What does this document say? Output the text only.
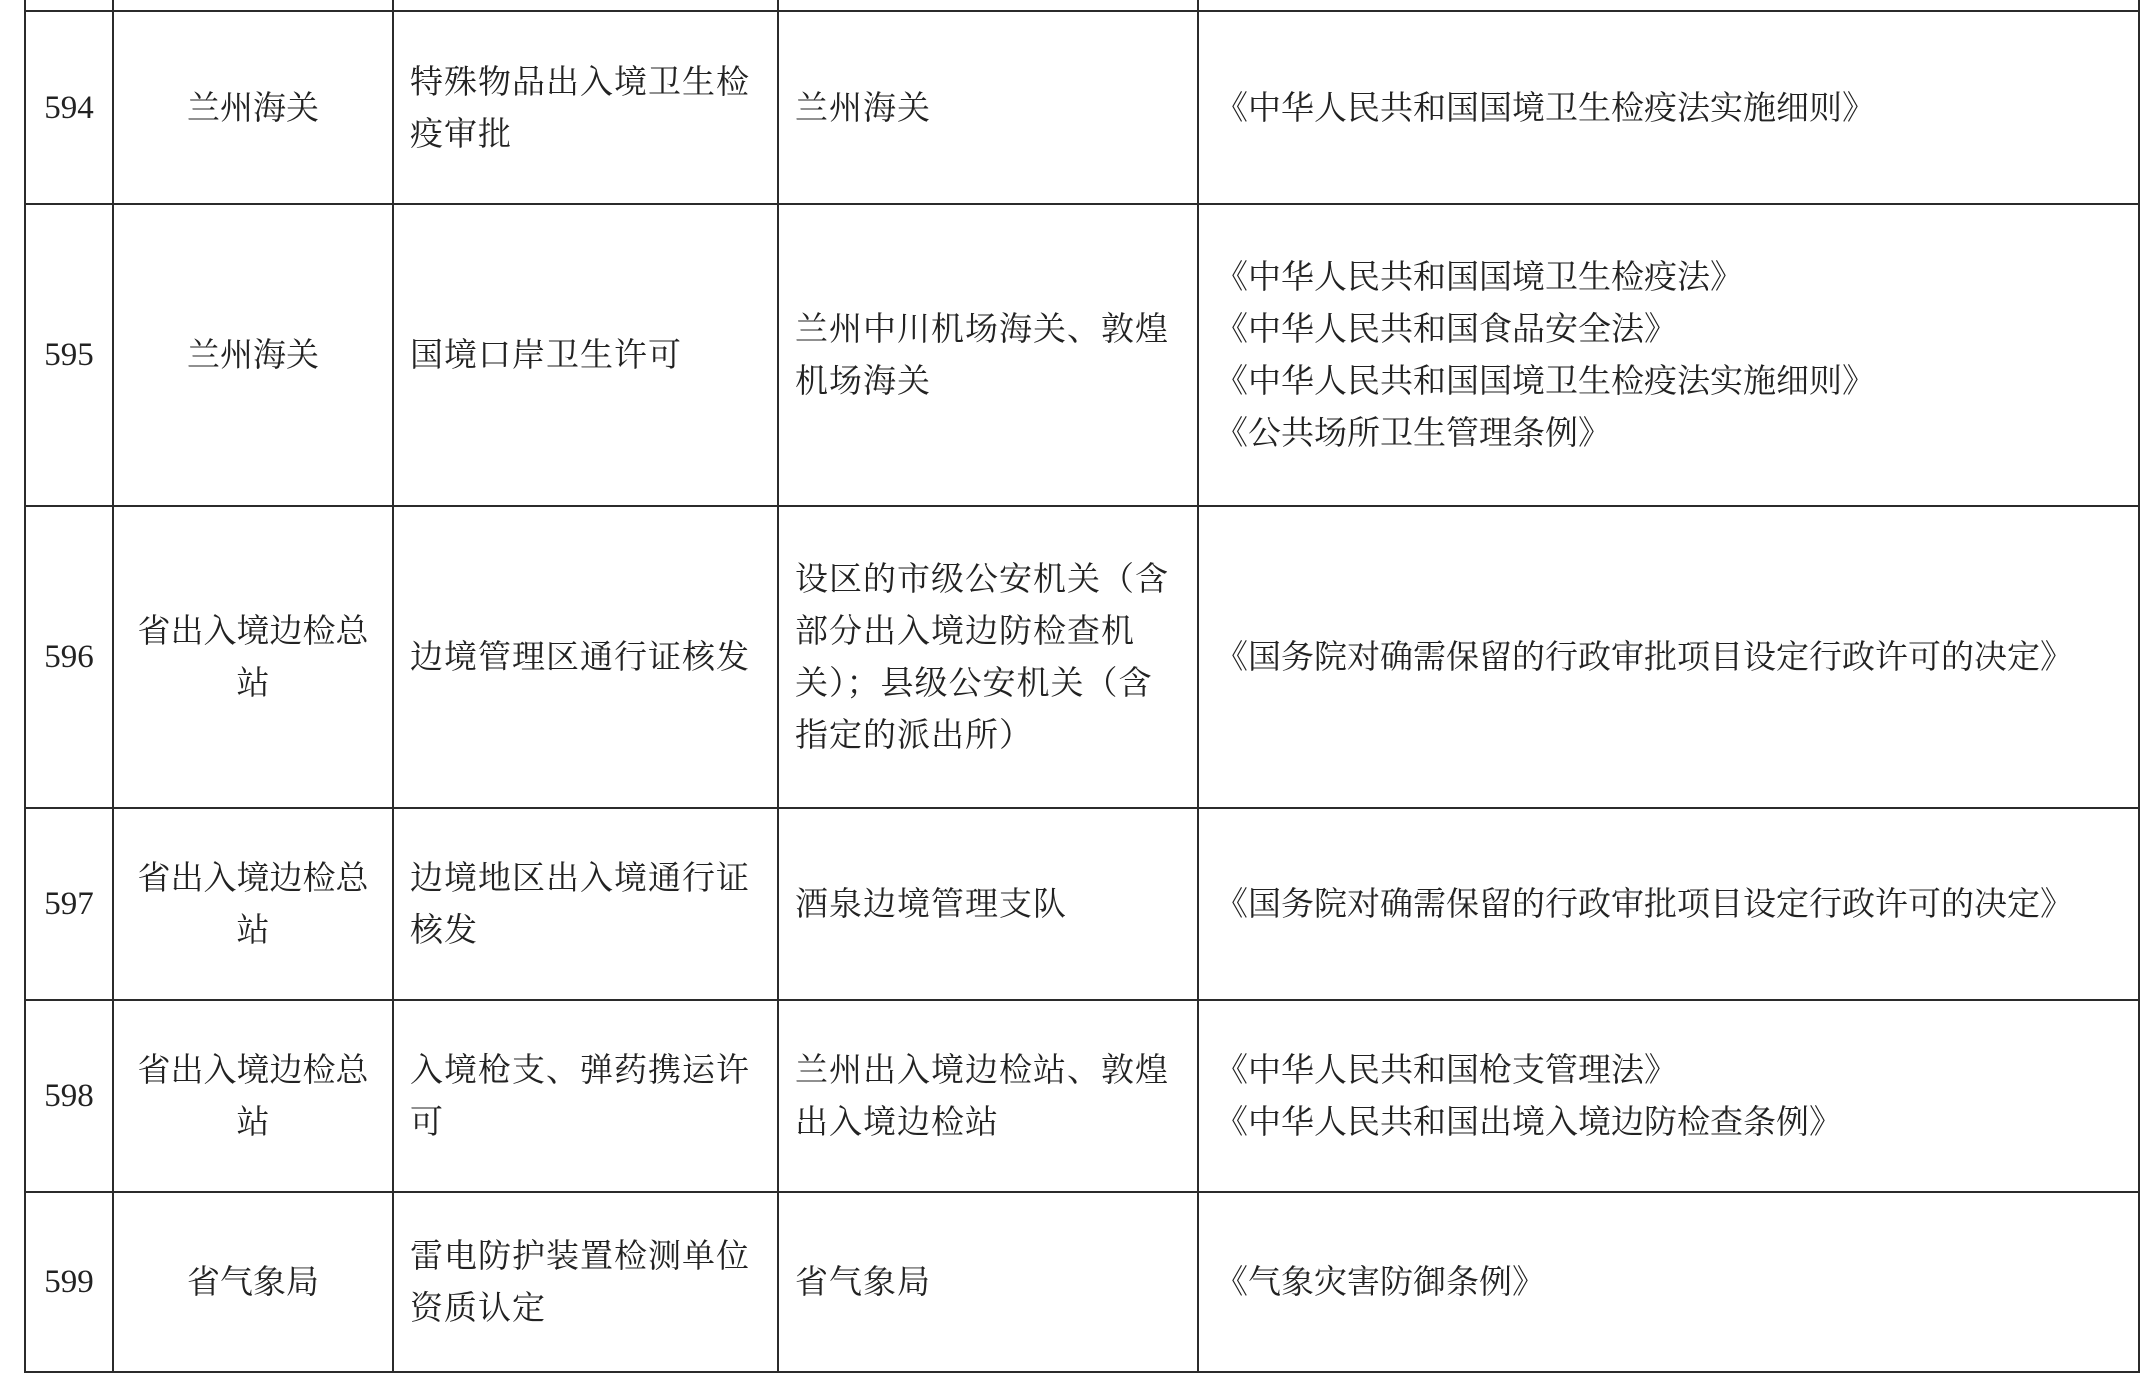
594	兰州海关	特殊物品出入境卫生检疫审批	兰州海关	《中华人民共和国国境卫生检疫法实施细则》

595	兰州海关	国境口岸卫生许可	兰州中川机场海关、敦煌机场海关	《中华人民共和国国境卫生检疫法》
《中华人民共和国食品安全法》
《中华人民共和国国境卫生检疫法实施细则》
《公共场所卫生管理条例》

596	省出入境边检总站	边境管理区通行证核发	设区的市级公安机关（含部分出入境边防检查机关）；县级公安机关（含指定的派出所）	《国务院对确需保留的行政审批项目设定行政许可的决定》

597	省出入境边检总站	边境地区出入境通行证核发	酒泉边境管理支队	《国务院对确需保留的行政审批项目设定行政许可的决定》

598	省出入境边检总站	入境枪支、弹药携运许可	兰州出入境边检站、敦煌出入境边检站	《中华人民共和国枪支管理法》
《中华人民共和国出境入境边防检查条例》

599	省气象局	雷电防护装置检测单位资质认定	省气象局	《气象灾害防御条例》
